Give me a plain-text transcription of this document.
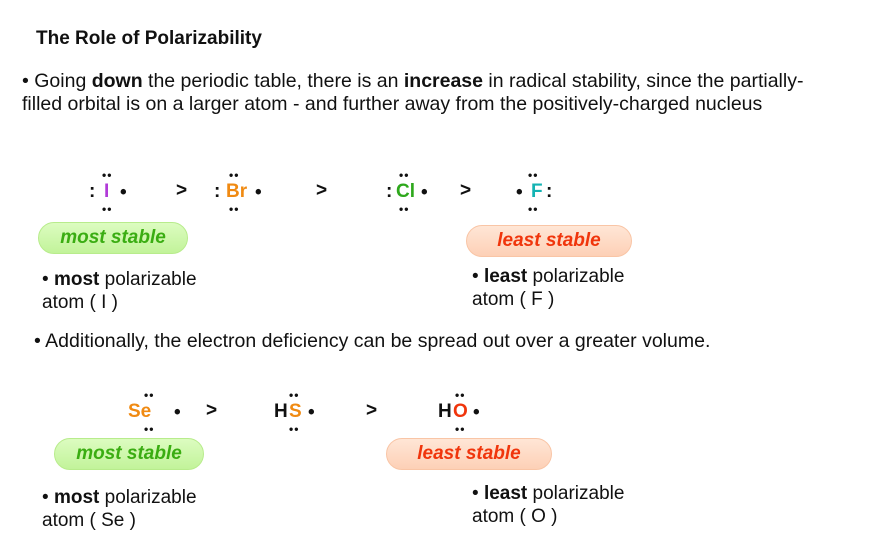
The Role of Polarizability
• Going down the periodic table, there is an increase in radical stability, since the partially-filled orbital is on a larger atom - and further away from the positively-charged nucleus
:
••
I
••
•	> :
••
Br
••
•	>	:
••
Cl
••
• > •
••
F
••
:
most stable	least stable
• most polarizable
atom ( I )
• least polarizable
atom ( F )
• Additionally, the electron deficiency can be spread out over a greater volume.
••
Se
••
• >	H
••
S
••
•	>	H
••
O
••
•
most stable	least stable
• most polarizable
atom ( Se )
• least polarizable
atom ( O )
